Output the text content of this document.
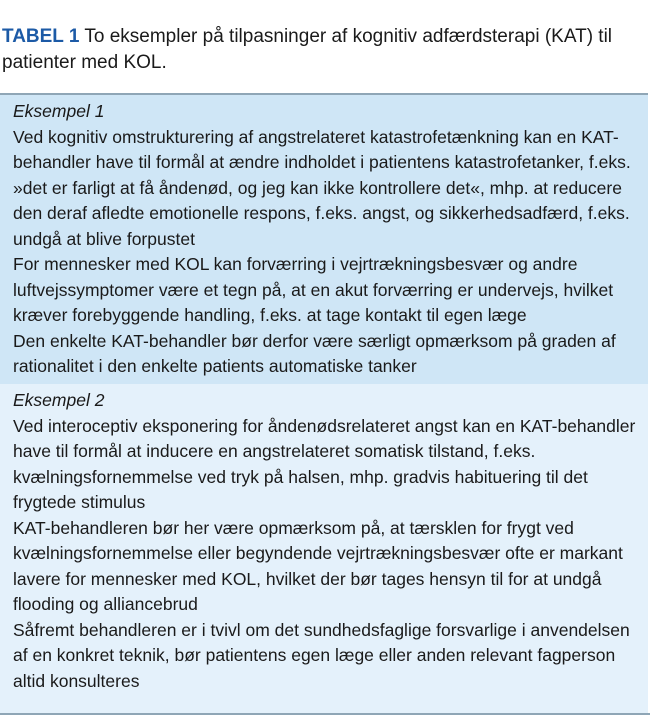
TABEL 1 To eksempler på tilpasninger af kognitiv adfærdsterapi (KAT) til patienter med KOL.

Eksempel 1

Ved kognitiv omstrukturering af angstrelateret katastrofetænkning kan en KAT-behandler have til formål at ændre indholdet i patientens katastrofetanker, f.eks. »det er farligt at få åndenød, og jeg kan ikke kontrollere det«, mhp. at reducere den deraf afledte emotionelle respons, f.eks. angst, og sikkerhedsadfærd, f.eks. undgå at blive forpustet

For mennesker med KOL kan forværring i vejrtrækningsbesvær og andre luftvejssymptomer være et tegn på, at en akut forværring er undervejs, hvilket kræver forebyggende handling, f.eks. at tage kontakt til egen læge

Den enkelte KAT-behandler bør derfor være særligt opmærksom på graden af rationalitet i den enkelte patients automatiske tanker

Eksempel 2

Ved interoceptiv eksponering for åndenødsrelateret angst kan en KAT-behandler have til formål at inducere en angstrelateret somatisk tilstand, f.eks. kvælningsfornemmelse ved tryk på halsen, mhp. gradvis habituering til det frygtede stimulus

KAT-behandleren bør her være opmærksom på, at tærsklen for frygt ved kvælningsfornemmelse eller begyndende vejrtrækningsbesvær ofte er markant lavere for mennesker med KOL, hvilket der bør tages hensyn til for at undgå flooding og alliancebrud

Såfremt behandleren er i tvivl om det sundhedsfaglige forsvarlige i anvendelsen af en konkret teknik, bør patientens egen læge eller anden relevant fagperson altid konsulteres
